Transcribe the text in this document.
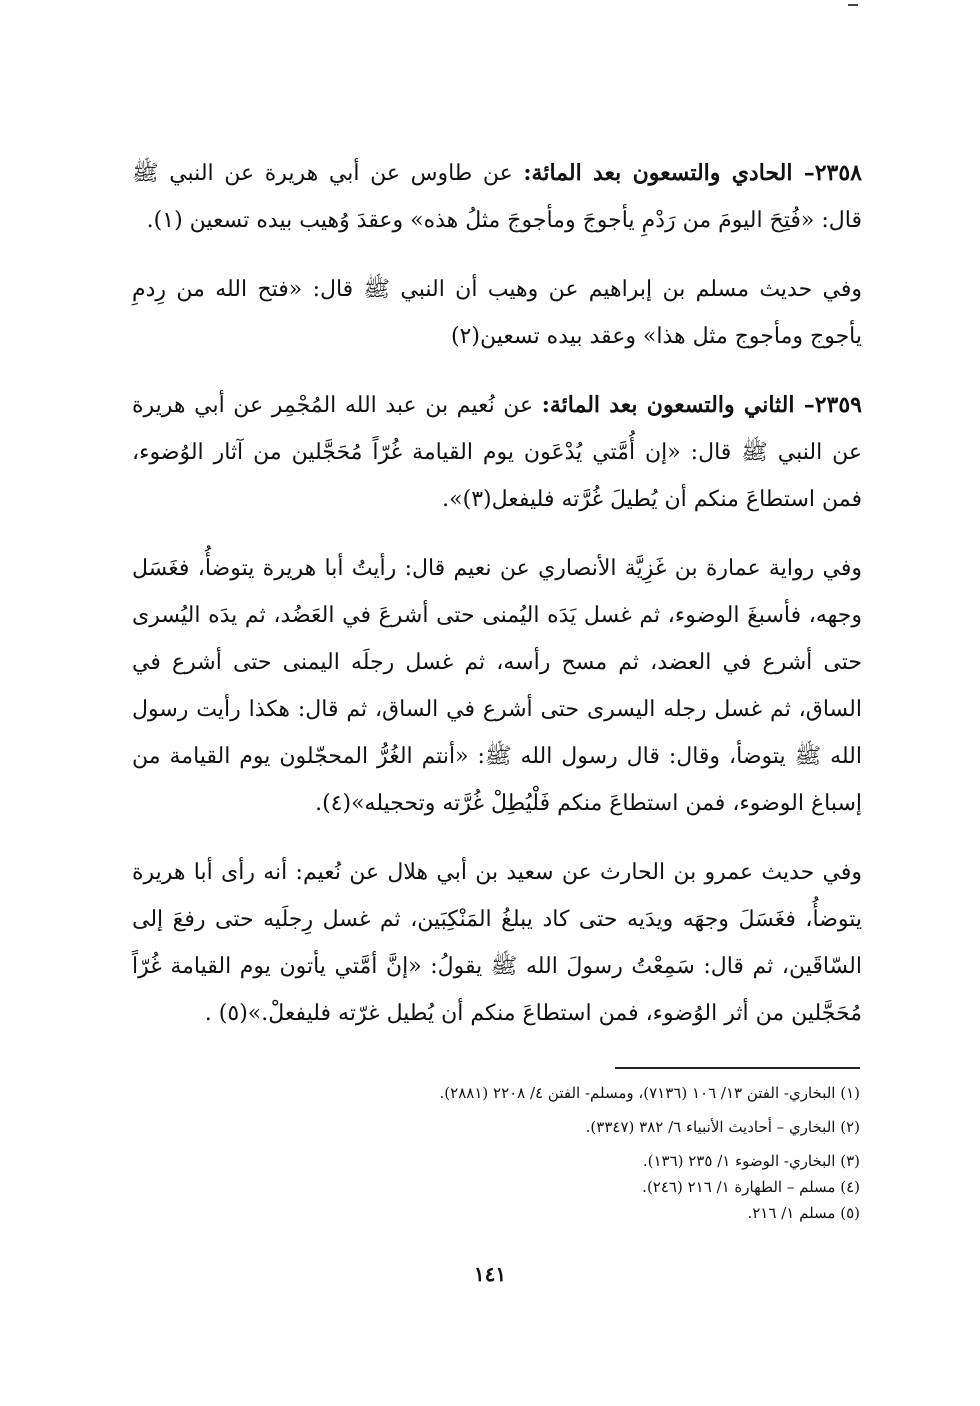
٢٣٥٨– الحادي والتسعون بعد المائة: عن طاوس عن أبي هريرة عن النبي ﷺ قال: «فُتِحَ اليومَ من رَدْمِ يأجوجَ ومأجوجَ مثلُ هذه» وعقدَ وُهيب بيده تسعين (١).

وفي حديث مسلم بن إبراهيم عن وهيب أن النبي ﷺ قال: «فتح الله من رِدمِ يأجوج ومأجوج مثل هذا» وعقد بيده تسعين(٢)

٢٣٥٩– الثاني والتسعون بعد المائة: عن نُعيم بن عبد الله المُجْمِر عن أبي هريرة عن النبي ﷺ قال: «إن أُمَّتي يُدْعَون يوم القيامة غُرّاً مُحَجَّلين من آثار الوُضوء، فمن استطاعَ منكم أن يُطيلَ غُرَّته فليفعل(٣)».

وفي رواية عمارة بن غَزِيَّة الأنصاري عن نعيم قال: رأيتُ أبا هريرة يتوضأُ، فغَسَل وجهه، فأسبغَ الوضوء، ثم غسل يَدَه اليُمنى حتى أشرعَ في العَضُد، ثم يدَه اليُسرى حتى أشرع في العضد، ثم مسح رأسه، ثم غسل رجلَه اليمنى حتى أشرع في الساق، ثم غسل رجله اليسرى حتى أشرع في الساق، ثم قال: هكذا رأيت رسول الله ﷺ يتوضأ، وقال: قال رسول الله ﷺ: «أنتم الغُرُّ المحجّلون يوم القيامة من إسباغ الوضوء، فمن استطاعَ منكم فَلْيُطِلْ غُرَّته وتحجيله»(٤).

وفي حديث عمرو بن الحارث عن سعيد بن أبي هلال عن نُعيم: أنه رأى أبا هريرة يتوضأُ، فغَسَلَ وجهَه ويدَيه حتى كاد يبلغُ المَنْكِبَين، ثم غسل رِجلَيه حتى رفعَ إلى السّاقَين، ثم قال: سَمِعْتُ رسولَ الله ﷺ يقولُ: «إنَّ أمَّتي يأتون يوم القيامة غُرّاً مُحَجَّلين من أثر الوُضوء، فمن استطاعَ منكم أن يُطيل غرّته فليفعلْ.»(٥) .

(١) البخاري- الفتن ١٣/ ١٠٦ (٧١٣٦)، ومسلم- الفتن ٤/ ٢٢٠٨ (٢٨٨١).
(٢) البخاري – أحاديث الأنبياء ٦/ ٣٨٢ (٣٣٤٧).
(٣) البخاري- الوضوء ١/ ٢٣٥ (١٣٦).
(٤) مسلم – الطهارة ١/ ٢١٦ (٢٤٦).
(٥) مسلم ١/ ٢١٦.
١٤١
